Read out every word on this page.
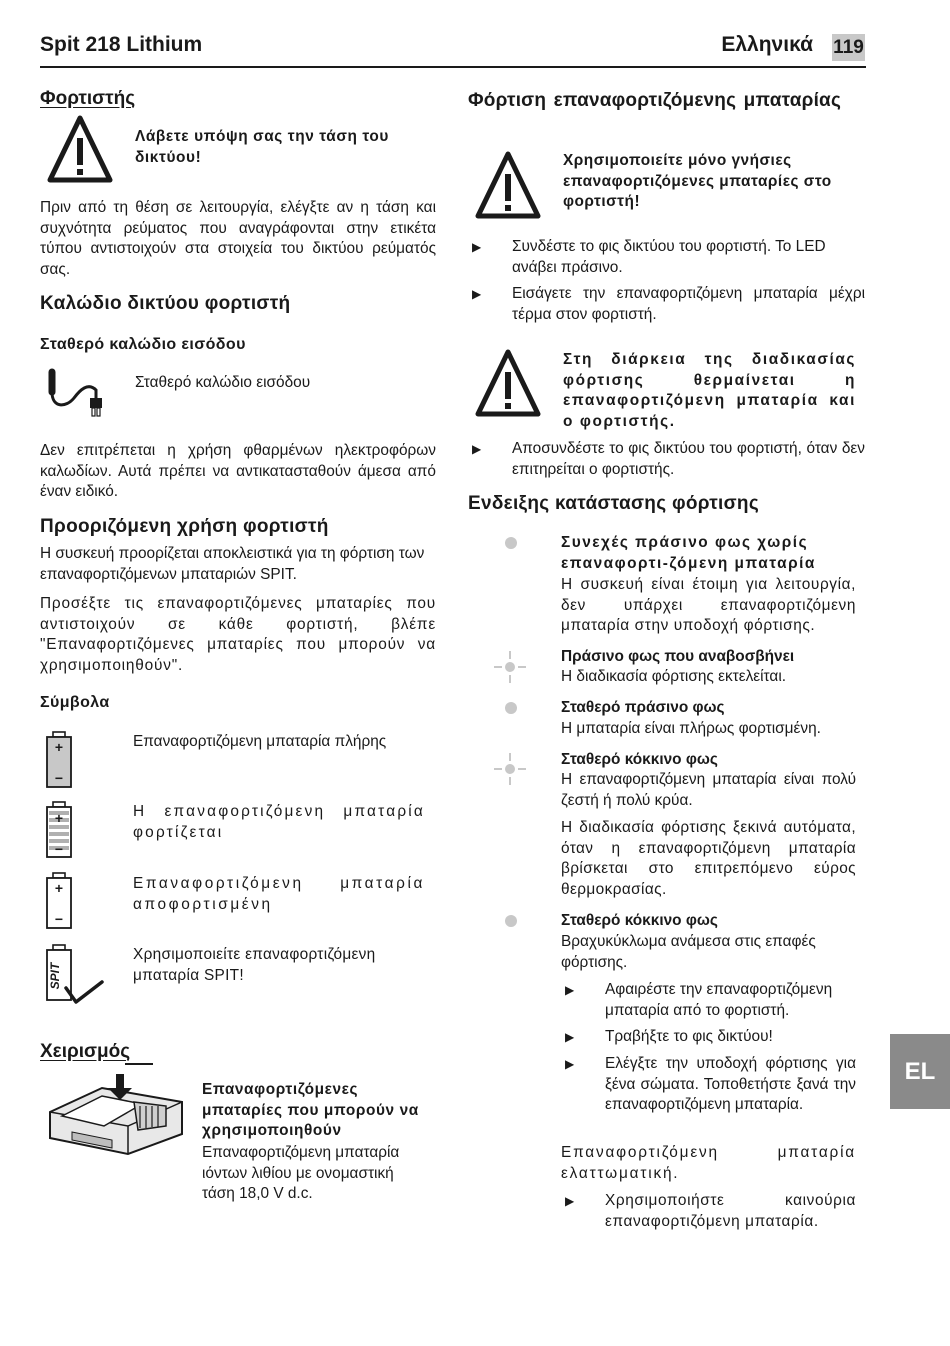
Spit 218 Lithium	Ελληνικά 119
Φορτιστής
Λάβετε υπόψη σας την τάση του δικτύου!
Πριν από τη θέση σε λειτουργία, ελέγξτε αν η τάση και συχνότητα ρεύματος που αναγράφονται στην ετικέτα τύπου αντιστοιχούν στα στοιχεία του δικτύου ρεύματός σας.
Καλώδιο δικτύου φορτιστή
Σταθερό καλώδιο εισόδου
Σταθερό καλώδιο εισόδου
Δεν επιτρέπεται η χρήση φθαρμένων ηλεκτροφόρων καλωδίων. Αυτά πρέπει να αντικατασταθούν άμεσα από έναν ειδικό.
Προοριζόμενη χρήση φορτιστή
Η συσκευή προορίζεται αποκλειστικά για τη φόρτιση των επαναφορτιζόμενων μπαταριών SPIT.
Προσέξτε τις επαναφορτιζόμενες μπαταρίες που αντιστοιχούν σε κάθε φορτιστή, βλέπε "Επαναφορτιζόμενες μπαταρίες που μπορούν να χρησιμοποιηθούν".
Σύμβολα
+
−
Επαναφορτιζόμενη μπαταρία πλήρης
+
−
Η επαναφορτιζόμενη μπαταρία φορτίζεται
+
−
Επαναφορτιζόμενη μπαταρία αποφορτισμένη
SPIT
Χρησιμοποιείτε επαναφορτιζόμενη μπαταρία SPIT!
Χειρισμός
Επαναφορτιζόμενες μπαταρίες που μπορούν να χρησιμοποιηθούν
Επαναφορτιζόμενη μπαταρία ιόντων λιθίου με ονομαστική τάση 18,0 V d.c.
Φόρτιση επαναφορτιζόμενης μπαταρίας
Χρησιμοποιείτε μόνο γνήσιες επαναφορτιζόμενες μπαταρίες στο φορτιστή!
▶ Συνδέστε το φις δικτύου του φορτιστή. Το LED ανάβει πράσινο.
▶ Εισάγετε την επαναφορτιζόμενη μπαταρία μέχρι τέρμα στον φορτιστή.
Στη διάρκεια της διαδικασίας φόρτισης θερμαίνεται η επαναφορτιζόμενη μπαταρία και ο φορτιστής.
▶ Αποσυνδέστε το φις δικτύου του φορτιστή, όταν δεν επιτηρείται ο φορτιστής.
Ενδειξης κατάστασης φόρτισης
Συνεχές πράσινο φως χωρίς επαναφορτι-ζόμενη μπαταρία
Η συσκευή είναι έτοιμη για λειτουργία, δεν υπάρχει επαναφορτιζόμενη μπαταρία στην υποδοχή φόρτισης.
Πράσινο φως που αναβοσβήνει
Η διαδικασία φόρτισης εκτελείται.
Σταθερό πράσινο φως
Η μπαταρία είναι πλήρως φορτισμένη.
Σταθερό κόκκινο φως
Η επαναφορτιζόμενη μπαταρία είναι πολύ ζεστή ή πολύ κρύα.
Η διαδικασία φόρτισης ξεκινά αυτόματα, όταν η επαναφορτιζόμενη μπαταρία βρίσκεται στο επιτρεπόμενο εύρος θερμοκρασίας.
Σταθερό κόκκινο φως
Βραχυκύκλωμα ανάμεσα στις επαφές φόρτισης.
▶ Αφαιρέστε την επαναφορτιζόμενη μπαταρία από το φορτιστή.
▶ Τραβήξτε το φις δικτύου!
▶ Ελέγξτε την υποδοχή φόρτισης για ξένα σώματα. Τοποθετήστε ξανά την επαναφορτιζόμενη μπαταρία.
Επαναφορτιζόμενη μπαταρία ελαττωματική.
▶ Χρησιμοποιήστε καινούρια επαναφορτιζόμενη μπαταρία.
EL
